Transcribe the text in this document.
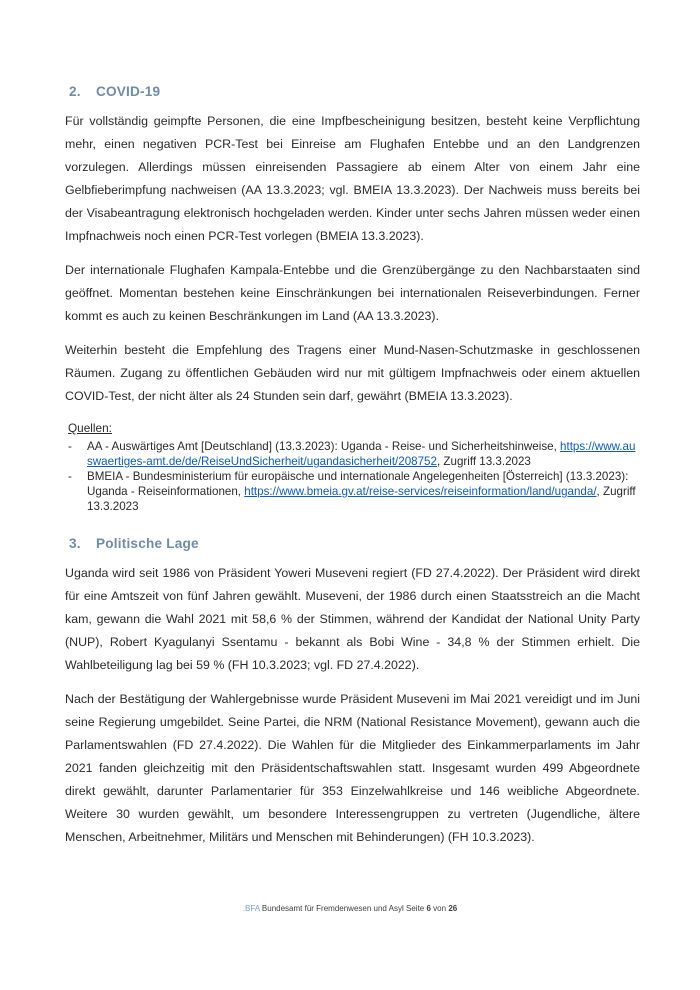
2.	COVID-19

Für vollständig geimpfte Personen, die eine Impfbescheinigung besitzen, besteht keine Verpflichtung mehr, einen negativen PCR-Test bei Einreise am Flughafen Entebbe und an den Landgrenzen vorzulegen. Allerdings müssen einreisenden Passagiere ab einem Alter von einem Jahr eine Gelbfieberimpfung nachweisen (AA 13.3.2023; vgl. BMEIA 13.3.2023). Der Nachweis muss bereits bei der Visabeantragung elektronisch hochgeladen werden. Kinder unter sechs Jahren müssen weder einen Impfnachweis noch einen PCR-Test vorlegen (BMEIA 13.3.2023).

Der internationale Flughafen Kampala-Entebbe und die Grenzübergänge zu den Nachbarstaaten sind geöffnet. Momentan bestehen keine Einschränkungen bei internationalen Reiseverbindungen. Ferner kommt es auch zu keinen Beschränkungen im Land (AA 13.3.2023).

Weiterhin besteht die Empfehlung des Tragens einer Mund-Nasen-Schutzmaske in geschlossenen Räumen. Zugang zu öffentlichen Gebäuden wird nur mit gültigem Impfnachweis oder einem aktuellen COVID-Test, der nicht älter als 24 Stunden sein darf, gewährt (BMEIA 13.3.2023).

Quellen:
-	AA - Auswärtiges Amt [Deutschland] (13.3.2023): Uganda - Reise- und Sicherheitshinweise, https://www.auswaertiges-amt.de/de/ReiseUndSicherheit/ugandasicherheit/208752, Zugriff 13.3.2023
-	BMEIA - Bundesministerium für europäische und internationale Angelegenheiten [Österreich] (13.3.2023): Uganda - Reiseinformationen, https://www.bmeia.gv.at/reise-services/reiseinformation/land/uganda/, Zugriff 13.3.2023
3.	Politische Lage

Uganda wird seit 1986 von Präsident Yoweri Museveni regiert (FD 27.4.2022). Der Präsident wird direkt für eine Amtszeit von fünf Jahren gewählt. Museveni, der 1986 durch einen Staatsstreich an die Macht kam, gewann die Wahl 2021 mit 58,6 % der Stimmen, während der Kandidat der National Unity Party (NUP), Robert Kyagulanyi Ssentamu - bekannt als Bobi Wine - 34,8 % der Stimmen erhielt. Die Wahlbeteiligung lag bei 59 % (FH 10.3.2023; vgl. FD 27.4.2022).

Nach der Bestätigung der Wahlergebnisse wurde Präsident Museveni im Mai 2021 vereidigt und im Juni seine Regierung umgebildet. Seine Partei, die NRM (National Resistance Movement), gewann auch die Parlamentswahlen (FD 27.4.2022). Die Wahlen für die Mitglieder des Einkammerparlaments im Jahr 2021 fanden gleichzeitig mit den Präsidentschaftswahlen statt. Insgesamt wurden 499 Abgeordnete direkt gewählt, darunter Parlamentarier für 353 Einzelwahlkreise und 146 weibliche Abgeordnete. Weitere 30 wurden gewählt, um besondere Interessengruppen zu vertreten (Jugendliche, ältere Menschen, Arbeitnehmer, Militärs und Menschen mit Behinderungen) (FH 10.3.2023).

.BFA Bundesamt für Fremdenwesen und Asyl Seite 6 von 26
